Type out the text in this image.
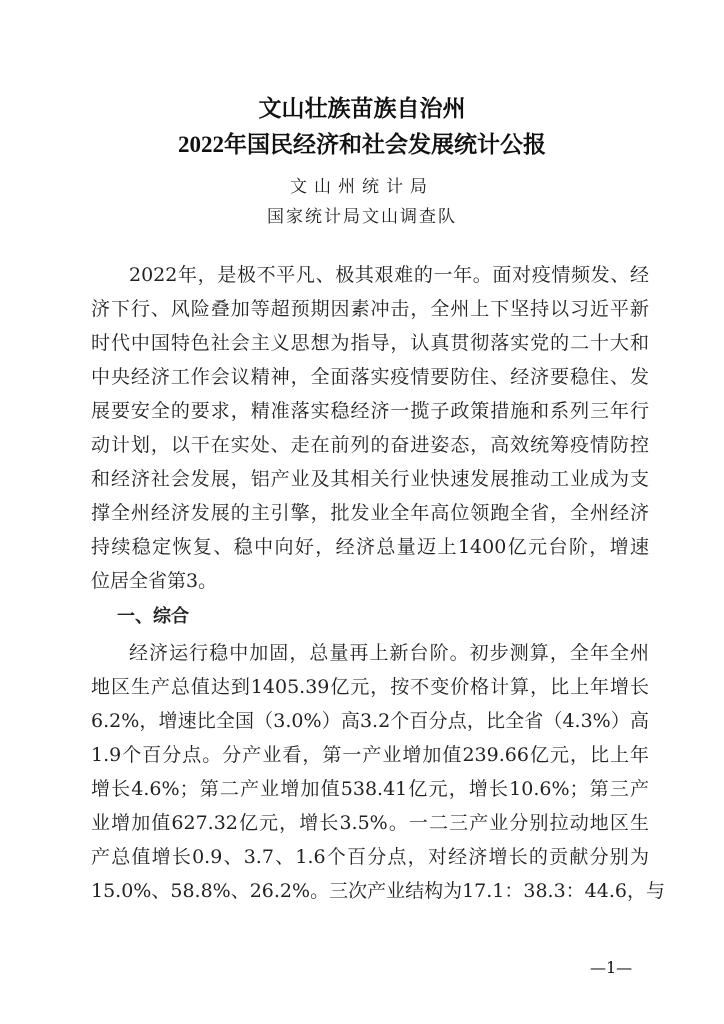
文山壮族苗族自治州
2022年国民经济和社会发展统计公报
文山州统计局
国家统计局文山调查队
2022年，是极不平凡、极其艰难的一年。面对疫情频发、经
济下行、风险叠加等超预期因素冲击，全州上下坚持以习近平新
时代中国特色社会主义思想为指导，认真贯彻落实党的二十大和
中央经济工作会议精神，全面落实疫情要防住、经济要稳住、发
展要安全的要求，精准落实稳经济一揽子政策措施和系列三年行
动计划，以干在实处、走在前列的奋进姿态，高效统筹疫情防控
和经济社会发展，铝产业及其相关行业快速发展推动工业成为支
撑全州经济发展的主引擎，批发业全年高位领跑全省，全州经济
持续稳定恢复、稳中向好，经济总量迈上1400亿元台阶，增速
位居全省第3。
一、综合
经济运行稳中加固，总量再上新台阶。初步测算，全年全州
地区生产总值达到1405.39亿元，按不变价格计算，比上年增长
6.2%，增速比全国（3.0%）高3.2个百分点，比全省（4.3%）高
1.9个百分点。分产业看，第一产业增加值239.66亿元，比上年
增长4.6%；第二产业增加值538.41亿元，增长10.6%；第三产
业增加值627.32亿元，增长3.5%。一二三产业分别拉动地区生
产总值增长0.9、3.7、1.6个百分点，对经济增长的贡献分别为
15.0%、58.8%、26.2%。三次产业结构为17.1：38.3：44.6，与
—1—
